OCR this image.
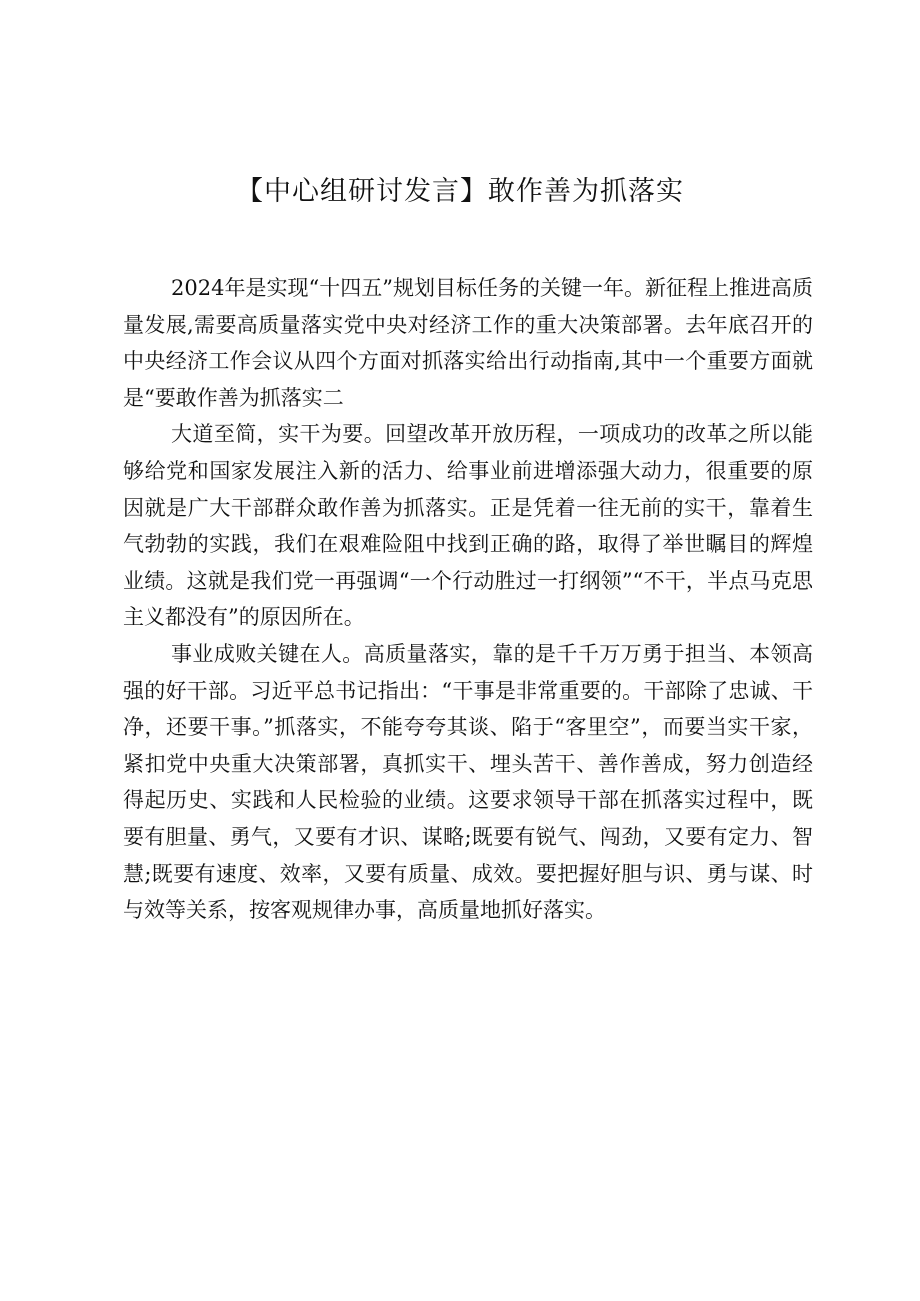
【中心组研讨发言】敢作善为抓落实

2024年是实现“十四五”规划目标任务的关键一年。新征程上推进高质量发展,需要高质量落实党中央对经济工作的重大决策部署。去年底召开的中央经济工作会议从四个方面对抓落实给出行动指南,其中一个重要方面就是“要敢作善为抓落实二

大道至简，实干为要。回望改革开放历程，一项成功的改革之所以能够给党和国家发展注入新的活力、给事业前进增添强大动力，很重要的原因就是广大干部群众敢作善为抓落实。正是凭着一往无前的实干，靠着生气勃勃的实践，我们在艰难险阻中找到正确的路，取得了举世瞩目的辉煌业绩。这就是我们党一再强调“一个行动胜过一打纲领”“不干，半点马克思主义都没有”的原因所在。

事业成败关键在人。高质量落实，靠的是千千万万勇于担当、本领高强的好干部。习近平总书记指出：“干事是非常重要的。干部除了忠诚、干净，还要干事。”抓落实，不能夸夸其谈、陷于“客里空”，而要当实干家，紧扣党中央重大决策部署，真抓实干、埋头苦干、善作善成，努力创造经得起历史、实践和人民检验的业绩。这要求领导干部在抓落实过程中，既要有胆量、勇气，又要有才识、谋略;既要有锐气、闯劲，又要有定力、智慧;既要有速度、效率，又要有质量、成效。要把握好胆与识、勇与谋、时与效等关系，按客观规律办事，高质量地抓好落实。
